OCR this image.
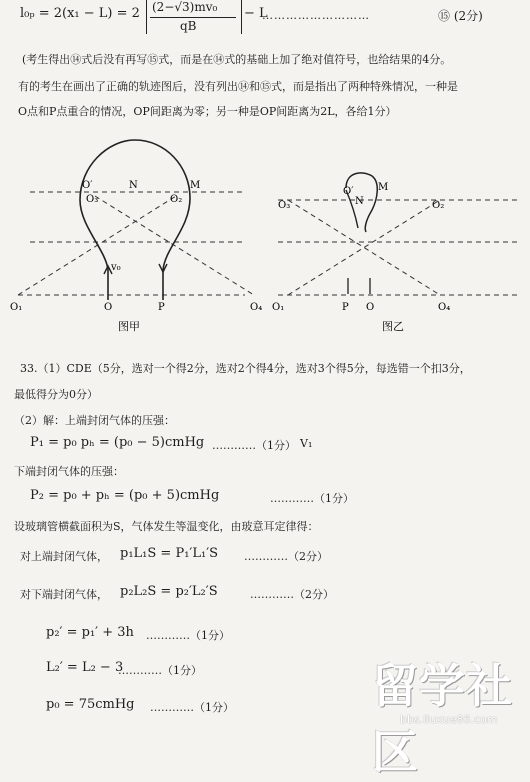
l₀ₚ = 2(x₁ − L) = 2 (2−√3)mv₀
qB
− L
………………………	⑮ (2分)
(考生得出⑭式后没有再写⑮式，而是在⑭式的基础上加了绝对值符号，也给结果的4分。
有的考生在画出了正确的轨迹图后，没有列出⑭和⑮式，而是指出了两种特殊情况，一种是
O点和P点重合的情况，OP间距离为零；另一种是OP间距离为2L，各给1分）
O′
O₃
N	M
O₂
v₀
O	P
O₁	O₄
图甲
O₃
O′ M
N	O₂
O₁	P O	O₄
图乙
33.（1）CDE（5分，选对一个得2分，选对2个得4分，选对3个得5分，每选错一个扣3分，
最低得分为0分）
（2）解：上端封闭气体的压强：
P₁ = p₀ pₕ = (p₀ − 5)cmHg …………（1分） V₁
下端封闭气体的压强：
P₂ = p₀ + pₕ = (p₀ + 5)cmHg	…………（1分）
设玻璃管横截面积为S，气体发生等温变化，由玻意耳定律得：
对上端封闭气体， p₁L₁S = P₁′L₁′S …………（2分）
对下端封闭气体， p₂L₂S = p₂′L₂′S	…………（2分）
p₂′ = p₁′ + 3h …………（1分）
L₂′ = L₂ − 3
…………（1分）
p₀ = 75cmHg …………（1分）	留学社区
bbs.liuxue86.com
